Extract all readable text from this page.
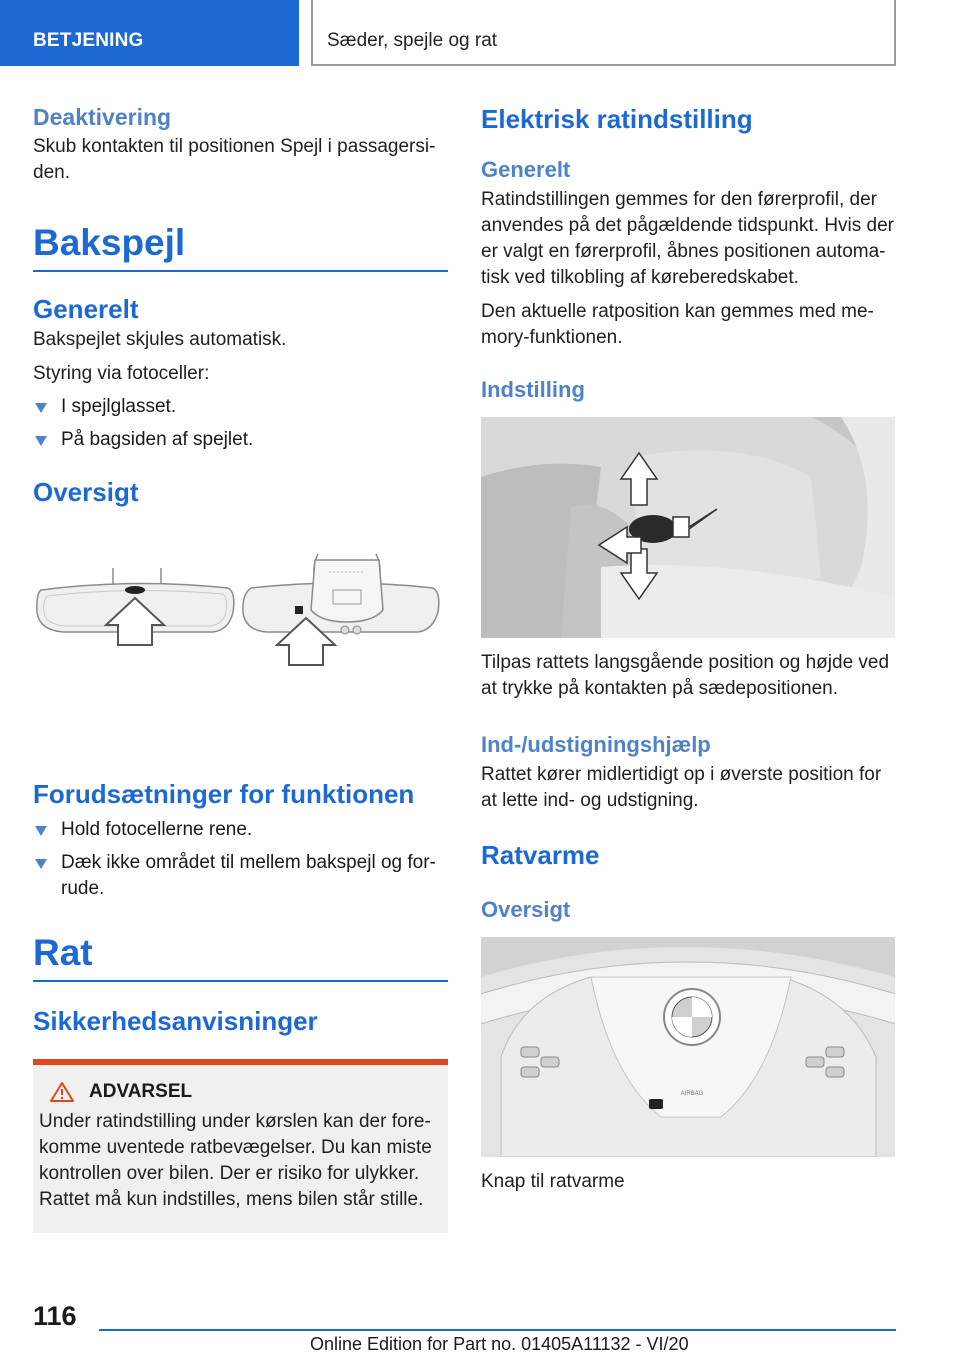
BETJENING	Sæder, spejle og rat
Deaktivering

Skub kontakten til positionen Spejl i passagersiden.

Bakspejl
Generelt

Bakspejlet skjules automatisk.

Styring via fotoceller:

I spejlglasset.
På bagsiden af spejlet.
Oversigt
Forudsætninger for funktionen
Hold fotocellerne rene.
Dæk ikke området til mellem bakspejl og forrude.
Rat
Sikkerhedsanvisninger
ADVARSEL

Under ratindstilling under kørslen kan der forekomme uventede ratbevægelser. Du kan miste kontrollen over bilen. Der er risiko for ulykker. Rattet må kun indstilles, mens bilen står stille.

Elektrisk ratindstilling
Generelt

Ratindstillingen gemmes for den førerprofil, der anvendes på det pågældende tidspunkt. Hvis der er valgt en førerprofil, åbnes positionen automatisk ved tilkobling af køreberedskabet.

Den aktuelle ratposition kan gemmes med memory-funktionen.

Indstilling

Tilpas rattets langsgående position og højde ved at trykke på kontakten på sædepositionen.

Ind-/udstigningshjælp

Rattet kører midlertidigt op i øverste position for at lette ind- og udstigning.

Ratvarme
Oversigt
AIRBAG

Knap til ratvarme

116
Online Edition for Part no. 01405A11132 - VI/20
